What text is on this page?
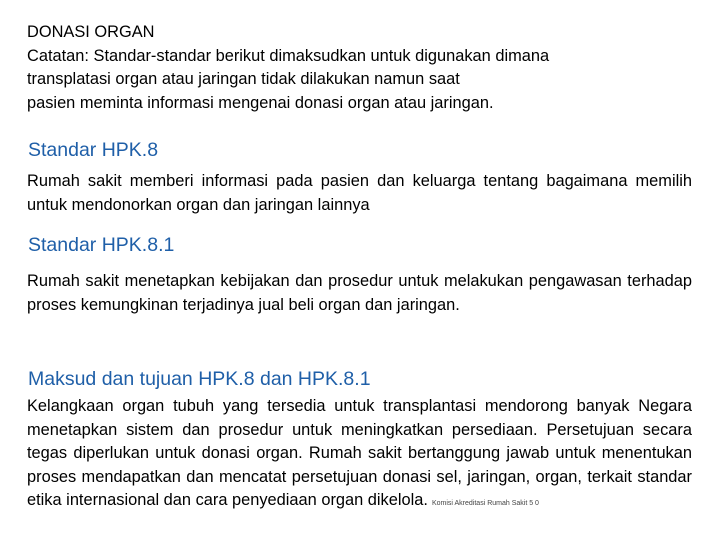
DONASI ORGAN
Catatan: Standar-standar berikut dimaksudkan untuk digunakan dimana
transplatasi organ atau jaringan tidak dilakukan namun saat
pasien meminta informasi mengenai donasi organ atau jaringan.
Standar HPK.8
Rumah sakit memberi informasi pada pasien dan keluarga tentang bagaimana memilih untuk mendonorkan organ dan jaringan lainnya
Standar HPK.8.1
Rumah sakit menetapkan kebijakan dan prosedur untuk melakukan pengawasan terhadap proses kemungkinan terjadinya jual beli organ dan jaringan.
Maksud dan tujuan HPK.8 dan HPK.8.1
Kelangkaan organ tubuh yang tersedia untuk transplantasi mendorong banyak Negara menetapkan sistem dan prosedur untuk meningkatkan persediaan. Persetujuan secara tegas diperlukan untuk donasi organ. Rumah sakit bertanggung jawab untuk menentukan proses mendapatkan dan mencatat persetujuan donasi sel, jaringan, organ, terkait standar etika internasional dan cara penyediaan organ dikelola. Komisi Akreditasi Rumah Sakit 5 0
